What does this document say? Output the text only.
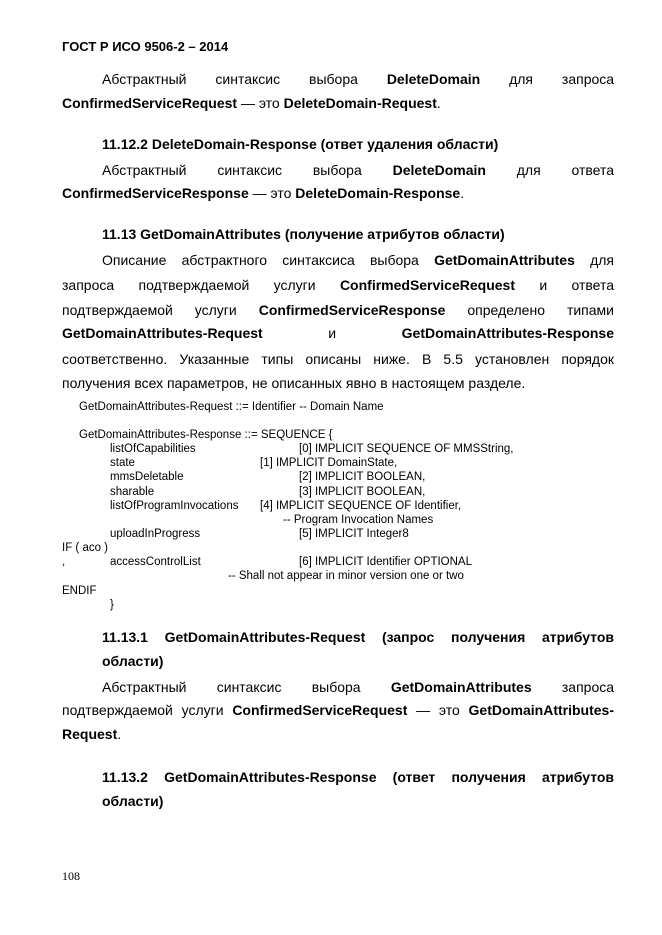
ГОСТ Р ИСО 9506-2 – 2014
Абстрактный синтаксис выбора DeleteDomain для запроса
ConfirmedServiceRequest — это DeleteDomain-Request.
11.12.2 DeleteDomain-Response (ответ удаления области)
Абстрактный синтаксис выбора DeleteDomain для ответа
ConfirmedServiceResponse — это DeleteDomain-Response.
11.13 GetDomainAttributes (получение атрибутов области)
Описание абстрактного синтаксиса выбора GetDomainAttributes для
запроса подтверждаемой услуги ConfirmedServiceRequest и ответа
подтверждаемой услуги ConfirmedServiceResponse определено типами
GetDomainAttributes-Request	и	GetDomainAttributes-Response
соответственно. Указанные типы описаны ниже. В 5.5 установлен порядок
получения всех параметров, не описанных явно в настоящем разделе.
GetDomainAttributes-Request ::= Identifier -- Domain Name
GetDomainAttributes-Response ::= SEQUENCE {
listOfCapabilities	[0] IMPLICIT SEQUENCE OF MMSString,
state	[1] IMPLICIT DomainState,
mmsDeletable	[2] IMPLICIT BOOLEAN,
sharable	[3] IMPLICIT BOOLEAN,
listOfProgramInvocations [4] IMPLICIT SEQUENCE OF Identifier,
-- Program Invocation Names
uploadInProgress	[5] IMPLICIT Integer8
IF ( aco )
,	accessControlList	[6] IMPLICIT Identifier OPTIONAL
-- Shall not appear in minor version one or two
ENDIF
}
11.13.1 GetDomainAttributes-Request (запрос получения атрибутов
области)
Абстрактный синтаксис выбора GetDomainAttributes запроса
подтверждаемой услуги ConfirmedServiceRequest — это GetDomainAttributes-
Request.
11.13.2 GetDomainAttributes-Response (ответ получения атрибутов
области)
108
